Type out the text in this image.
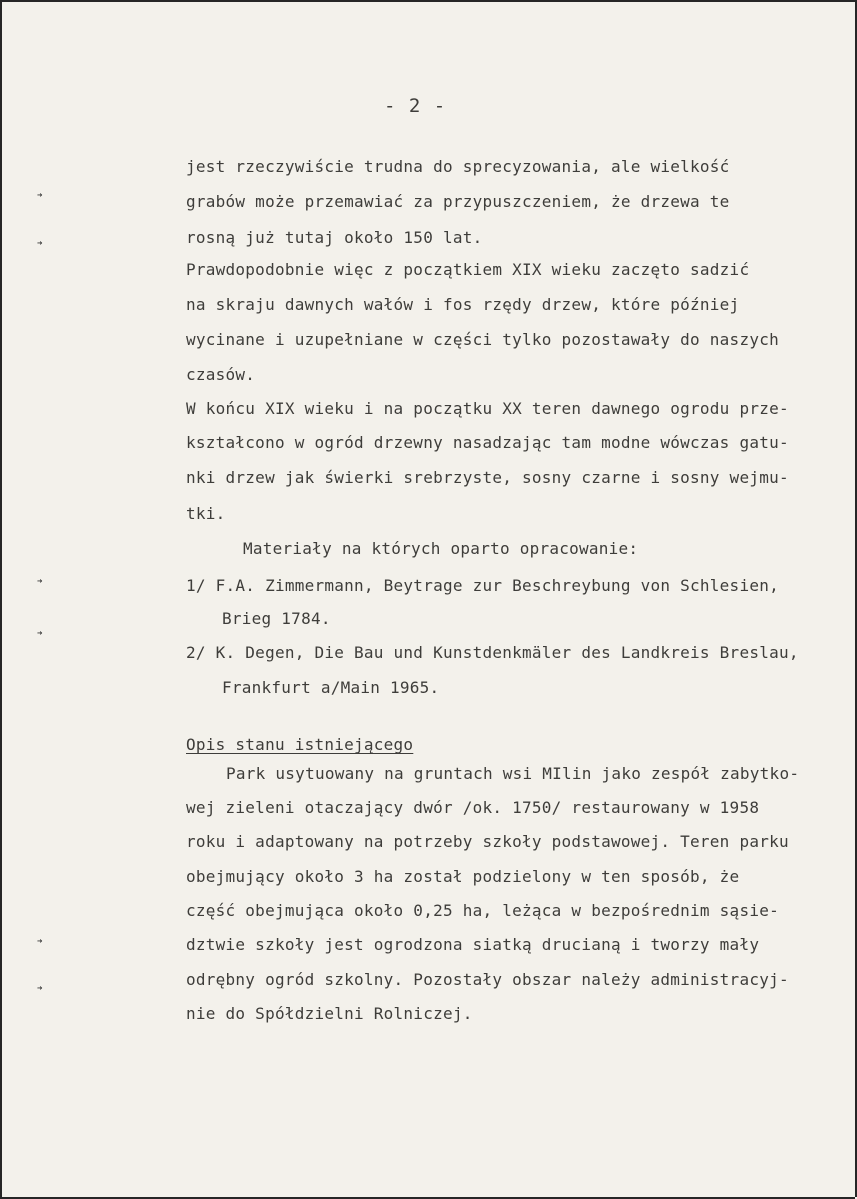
- 2 -
jest rzeczywiście trudna do sprecyzowania, ale wielkość
grabów może przemawiać za przypuszczeniem, że drzewa te
rosną już tutaj około 150 lat.
Prawdopodobnie więc z początkiem XIX wieku zaczęto sadzić
na skraju dawnych wałów i fos rzędy drzew, które później
wycinane i uzupełniane w części tylko pozostawały do naszych
czasów.
W końcu XIX wieku i na początku XX teren dawnego ogrodu prze-
kształcono w ogród drzewny nasadzając tam modne wówczas gatu-
nki drzew jak świerki srebrzyste, sosny czarne i sosny wejmu-
tki.
Materiały na których oparto opracowanie:
1/ F.A. Zimmermann, Beytrage zur Beschreybung von Schlesien,
Brieg 1784.
2/ K. Degen, Die Bau und Kunstdenkmäler des Landkreis Breslau,
Frankfurt a/Main 1965.
Opis stanu istniejącego
Park usytuowany na gruntach wsi MIlin jako zespół zabytko-
wej zieleni otaczający dwór /ok. 1750/ restaurowany w 1958
roku i adaptowany na potrzeby szkoły podstawowej. Teren parku
obejmujący około 3 ha został podzielony w ten sposób, że
część obejmująca około 0,25 ha, leżąca w bezpośrednim sąsie-
dztwie szkoły jest ogrodzona siatką drucianą i tworzy mały
odrębny ogród szkolny. Pozostały obszar należy administracyj-
nie do Spółdzielni Rolniczej.
➜
➜
➜
➜
➜
➜
